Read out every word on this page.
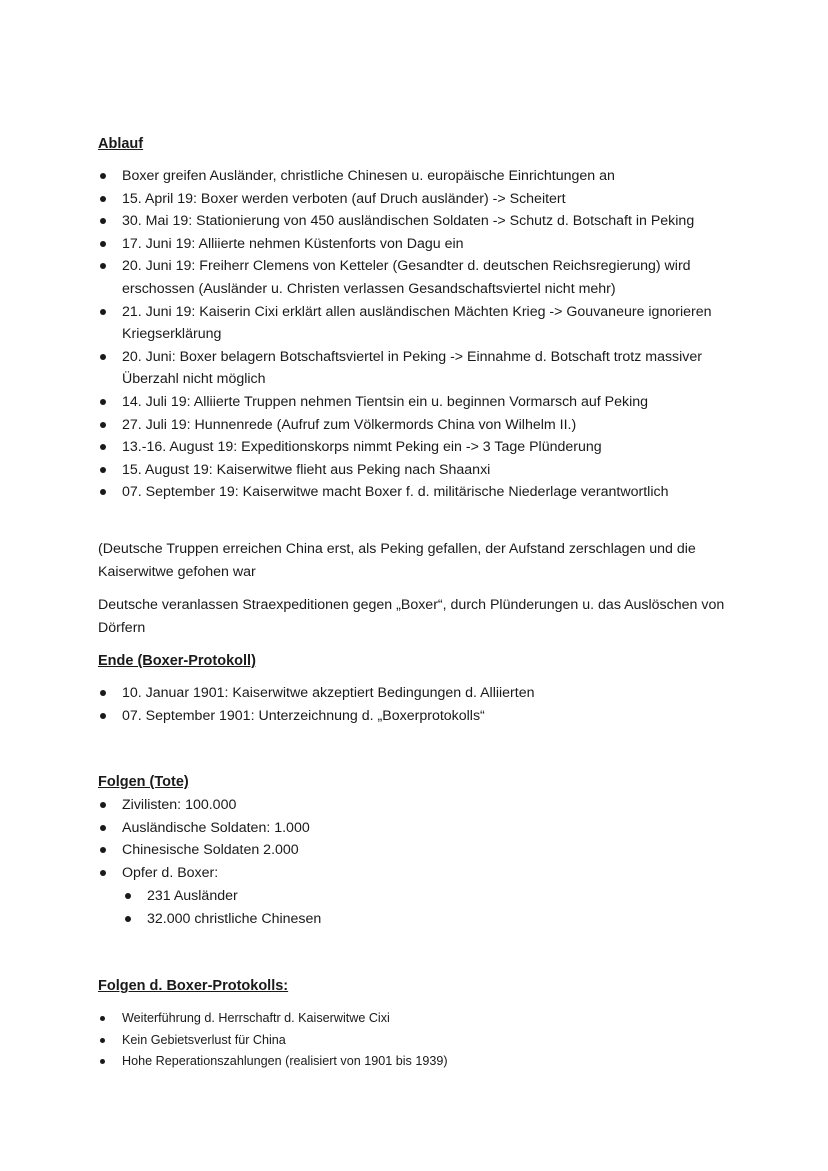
Ablauf
Boxer greifen Ausländer, christliche Chinesen u. europäische Einrichtungen an
15. April 19: Boxer werden verboten (auf Druch ausländer) -> Scheitert
30. Mai 19: Stationierung von 450 ausländischen Soldaten -> Schutz d. Botschaft in Peking
17. Juni 19: Alliierte nehmen Küstenforts von Dagu ein
20. Juni 19: Freiherr Clemens von Ketteler (Gesandter d. deutschen Reichsregierung) wird erschossen (Ausländer u. Christen verlassen Gesandschaftsviertel nicht mehr)
21. Juni 19: Kaiserin Cixi erklärt allen ausländischen Mächten Krieg -> Gouvaneure ignorieren Kriegserklärung
20. Juni: Boxer belagern Botschaftsviertel in Peking -> Einnahme d. Botschaft trotz massiver Überzahl nicht möglich
14. Juli 19: Alliierte Truppen nehmen Tientsin ein u. beginnen Vormarsch auf Peking
27. Juli 19: Hunnenrede (Aufruf zum Völkermords China von Wilhelm II.)
13.-16. August 19: Expeditionskorps nimmt Peking ein -> 3 Tage Plünderung
15. August 19: Kaiserwitwe flieht aus Peking nach Shaanxi
07. September 19: Kaiserwitwe macht Boxer f. d. militärische Niederlage verantwortlich

(Deutsche Truppen erreichen China erst, als Peking gefallen, der Aufstand zerschlagen und die Kaiserwitwe gefohen war

Deutsche veranlassen Straexpeditionen gegen „Boxer“, durch Plünderungen u. das Auslöschen von Dörfern

Ende (Boxer-Protokoll)
10. Januar 1901: Kaiserwitwe akzeptiert Bedingungen d. Alliierten
07. September 1901: Unterzeichnung d. „Boxerprotokolls“
Folgen (Tote)
Zivilisten: 100.000
Ausländische Soldaten: 1.000
Chinesische Soldaten 2.000
Opfer d. Boxer:
231 Ausländer
32.000 christliche Chinesen
Folgen d. Boxer-Protokolls:
Weiterführung d. Herrschaftr d. Kaiserwitwe Cixi
Kein Gebietsverlust für China
Hohe Reperationszahlungen (realisiert von 1901 bis 1939)
